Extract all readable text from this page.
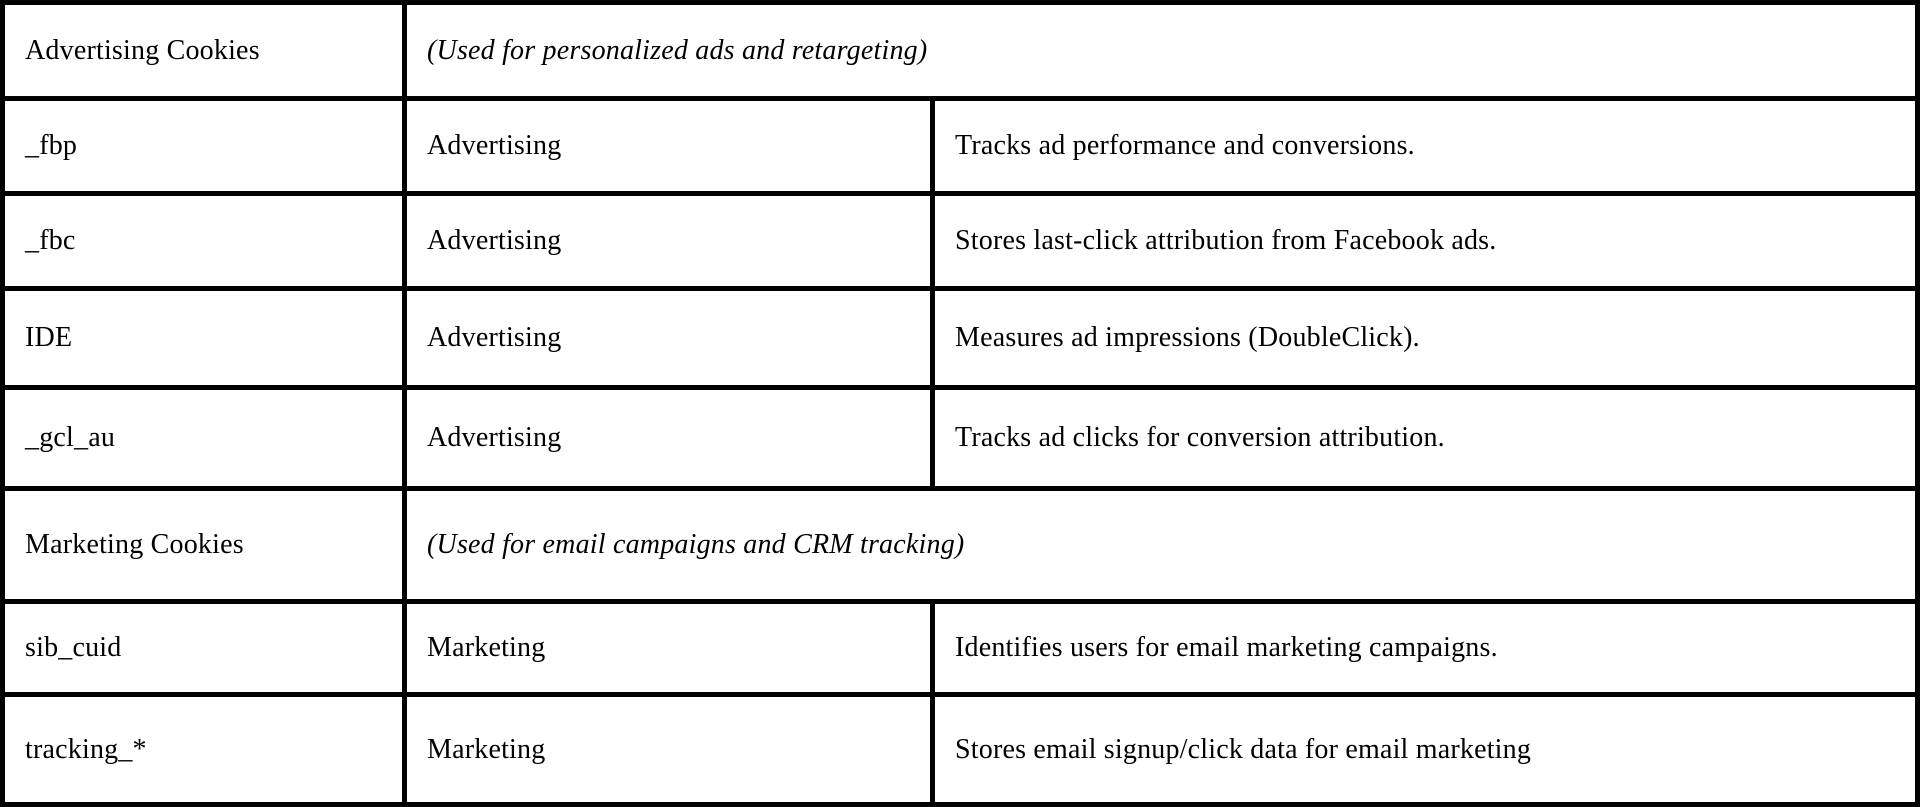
Advertising Cookies	(Used for personalized ads and retargeting)	
_fbp	Advertising	Tracks ad performance and conversions.
_fbc	Advertising	Stores last-click attribution from Facebook ads.
IDE	Advertising	Measures ad impressions (DoubleClick).
_gcl_au	Advertising	Tracks ad clicks for conversion attribution.
Marketing Cookies	(Used for email campaigns and CRM tracking)	
sib_cuid	Marketing	Identifies users for email marketing campaigns.
tracking_*	Marketing	Stores email signup/click data for email marketing
